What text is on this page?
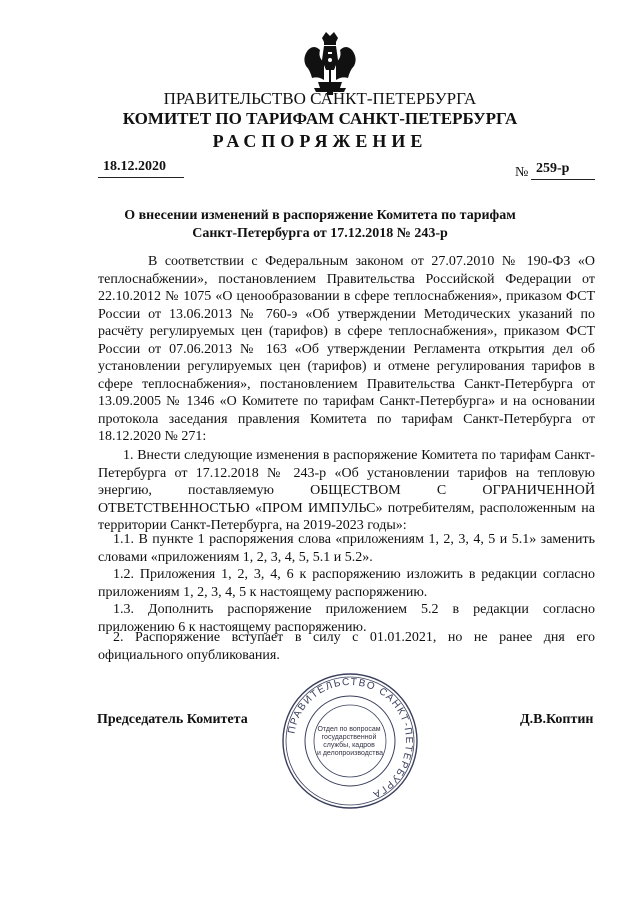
ПРАВИТЕЛЬСТВО САНКТ-ПЕТЕРБУРГА
КОМИТЕТ ПО ТАРИФАМ САНКТ-ПЕТЕРБУРГА
РАСПОРЯЖЕНИЕ
18.12.2020	№ 259-р
О внесении изменений в распоряжение Комитета по тарифам
Санкт-Петербурга от 17.12.2018 № 243-р
В соответствии с Федеральным законом от 27.07.2010 № 190-ФЗ «О теплоснабжении», постановлением Правительства Российской Федерации от 22.10.2012 № 1075 «О ценообразовании в сфере теплоснабжения», приказом ФСТ России от 13.06.2013 № 760-э «Об утверждении Методических указаний по расчёту регулируемых цен (тарифов) в сфере теплоснабжения», приказом ФСТ России от 07.06.2013 № 163 «Об утверждении Регламента открытия дел об установлении регулируемых цен (тарифов) и отмене регулирования тарифов в сфере теплоснабжения», постановлением Правительства Санкт-Петербурга от 13.09.2005 № 1346 «О Комитете по тарифам Санкт-Петербурга» и на основании протокола заседания правления Комитета по тарифам Санкт-Петербурга от 18.12.2020 № 271:
1. Внести следующие изменения в распоряжение Комитета по тарифам Санкт-Петербурга от 17.12.2018 № 243-р «Об установлении тарифов на тепловую энергию, поставляемую ОБЩЕСТВОМ С ОГРАНИЧЕННОЙ ОТВЕТСТВЕННОСТЬЮ «ПРОМ ИМПУЛЬС» потребителям, расположенным на территории Санкт-Петербурга, на 2019-2023 годы»:
1.1. В пункте 1 распоряжения слова «приложениям 1, 2, 3, 4, 5 и 5.1» заменить словами «приложениям 1, 2, 3, 4, 5, 5.1 и 5.2».
1.2. Приложения 1, 2, 3, 4, 6 к распоряжению изложить в редакции согласно приложениям 1, 2, 3, 4, 5 к настоящему распоряжению.
1.3. Дополнить распоряжение приложением 5.2 в редакции согласно приложению 6 к настоящему распоряжению.
2. Распоряжение вступает в силу с 01.01.2021, но не ранее дня его официального опубликования.
ПРАВИТЕЛЬСТВО САНКТ-ПЕТЕРБУРГА
Отдел по вопросам государственной службы, кадров и делопроизводства
Председатель Комитета	Д.В.Коптин
